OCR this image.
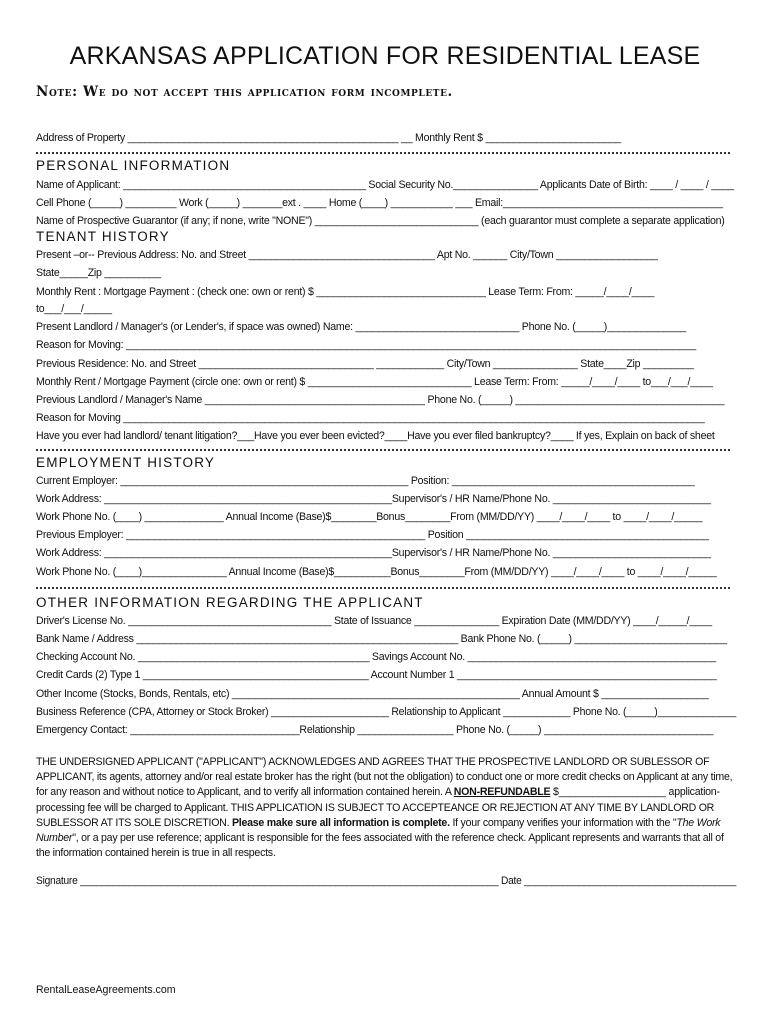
ARKANSAS APPLICATION FOR RESIDENTIAL LEASE
Note: We do not accept this application form incomplete.
Address of Property ________________________________________________ __ Monthly Rent $ ________________________
PERSONAL INFORMATION
Name of Applicant: ___________________________________________ Social Security No._______________ Applicants Date of Birth: ____ / ____ / ____
Cell Phone (_____) _________ Work (_____) _______ext . ____ Home (____) ___________ ___ Email:_______________________________________
Name of Prospective Guarantor (if any; if none, write "NONE") _____________________________ (each guarantor must complete a separate application)
TENANT HISTORY
Present –or-- Previous Address: No. and Street _________________________________ Apt No. ______ City/Town __________________
State_____Zip __________
Monthly Rent : Mortgage Payment : (check one: own or rent) $ ______________________________ Lease Term: From: _____/____/____
to___/___/_____
Present Landlord / Manager's (or Lender's, if space was owned) Name: _____________________________ Phone No. (_____)______________
Reason for Moving: _____________________________________________________________________________________________________
Previous Residence: No. and Street _______________________________ ____________ City/Town _______________ State____Zip _________
Monthly Rent / Mortgage Payment (circle one: own or rent) $ _____________________________ Lease Term: From: _____/____/____ to___/___/____
Previous Landlord / Manager's Name _______________________________________ Phone No. (_____) _____________________________________
Reason for Moving _______________________________________________________________________________________________________
Have you ever had landlord/ tenant litigation?___Have you ever been evicted?____Have you ever filed bankruptcy?____ If yes, Explain on back of sheet
EMPLOYMENT HISTORY
Current Employer: ___________________________________________________ Position: ___________________________________________
Work Address: ___________________________________________________Supervisor's / HR Name/Phone No. ____________________________
Work Phone No. (____) ______________ Annual Income (Base)$________Bonus________From (MM/DD/YY) ____/____/____ to ____/____/_____
Previous Employer: _____________________________________________________ Position ___________________________________________
Work Address: ___________________________________________________Supervisor's / HR Name/Phone No. ____________________________
Work Phone No. (____)_______________ Annual Income (Base)$__________Bonus________From (MM/DD/YY) ____/____/____ to ____/____/_____
OTHER INFORMATION REGARDING THE APPLICANT
Driver's License No. ____________________________________ State of Issuance _______________ Expiration Date (MM/DD/YY) ____/_____/____
Bank Name / Address _________________________________________________________ Bank Phone No. (_____) ___________________________
Checking Account No. _________________________________________ Savings Account No. ____________________________________________
Credit Cards (2) Type 1 ________________________________________ Account Number 1 ______________________________________________
Other Income (Stocks, Bonds, Rentals, etc) ___________________________________________________ Annual Amount $ ___________________
Business Reference (CPA, Attorney or Stock Broker) _____________________ Relationship to Applicant ____________ Phone No. (_____)______________
Emergency Contact: ______________________________Relationship _________________ Phone No. (_____) ______________________________
THE UNDERSIGNED APPLICANT ("APPLICANT") ACKNOWLEDGES AND AGREES THAT THE PROSPECTIVE LANDLORD OR SUBLESSOR OF APPLICANT, its agents, attorney and/or real estate broker has the right (but not the obligation) to conduct one or more credit checks on Applicant at any time, for any reason and without notice to Applicant, and to verify all information contained herein. A NON-REFUNDABLE $___________________ application-processing fee will be charged to Applicant. THIS APPLICATION IS SUBJECT TO ACCEPTEANCE OR REJECTION AT ANY TIME BY LANDLORD OR SUBLESSOR AT ITS SOLE DISCRETION. Please make sure all information is complete. If your company verifies your information with the "The Work Number", or a pay per use reference; applicant is responsible for the fees associated with the reference check. Applicant represents and warrants that all of the information contained herein is true in all respects.
Signature _____________________________________________________________________________ Date _______________________________________
RentalLeaseAgreements.com
